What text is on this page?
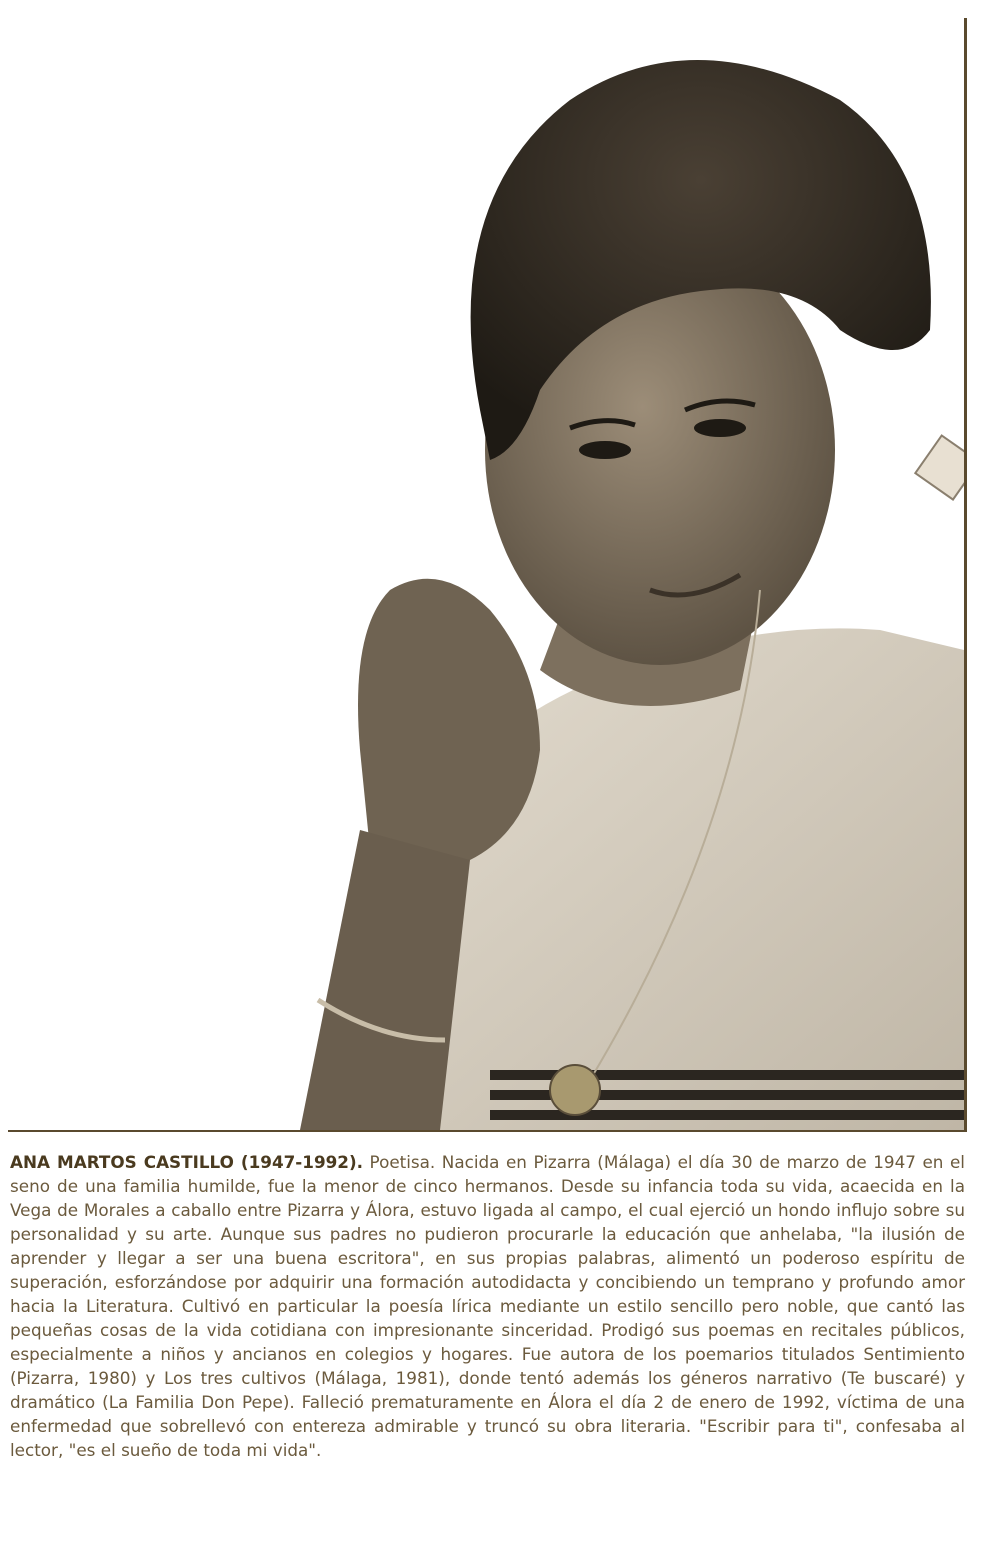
ANA MARTOS CASTILLO (1947-1992). Poetisa. Nacida en Pizarra (Málaga) el día 30 de marzo de 1947 en el seno de una familia humilde, fue la menor de cinco hermanos. Desde su infancia toda su vida, acaecida en la Vega de Morales a caballo entre Pizarra y Álora, estuvo ligada al campo, el cual ejerció un hondo influjo sobre su personalidad y su arte. Aunque sus padres no pudieron procurarle la educación que anhelaba, "la ilusión de aprender y llegar a ser una buena escritora", en sus propias palabras, alimentó un poderoso espíritu de superación, esforzándose por adquirir una formación autodidacta y concibiendo un temprano y profundo amor hacia la Literatura. Cultivó en particular la poesía lírica mediante un estilo sencillo pero noble, que cantó las pequeñas cosas de la vida cotidiana con impresionante sinceridad. Prodigó sus poemas en recitales públicos, especialmente a niños y ancianos en colegios y hogares. Fue autora de los poemarios titulados Sentimiento (Pizarra, 1980) y Los tres cultivos (Málaga, 1981), donde tentó además los géneros narrativo (Te buscaré) y dramático (La Familia Don Pepe). Falleció prematuramente en Álora el día 2 de enero de 1992, víctima de una enfermedad que sobrellevó con entereza admirable y truncó su obra literaria. "Escribir para ti", confesaba al lector, "es el sueño de toda mi vida".
